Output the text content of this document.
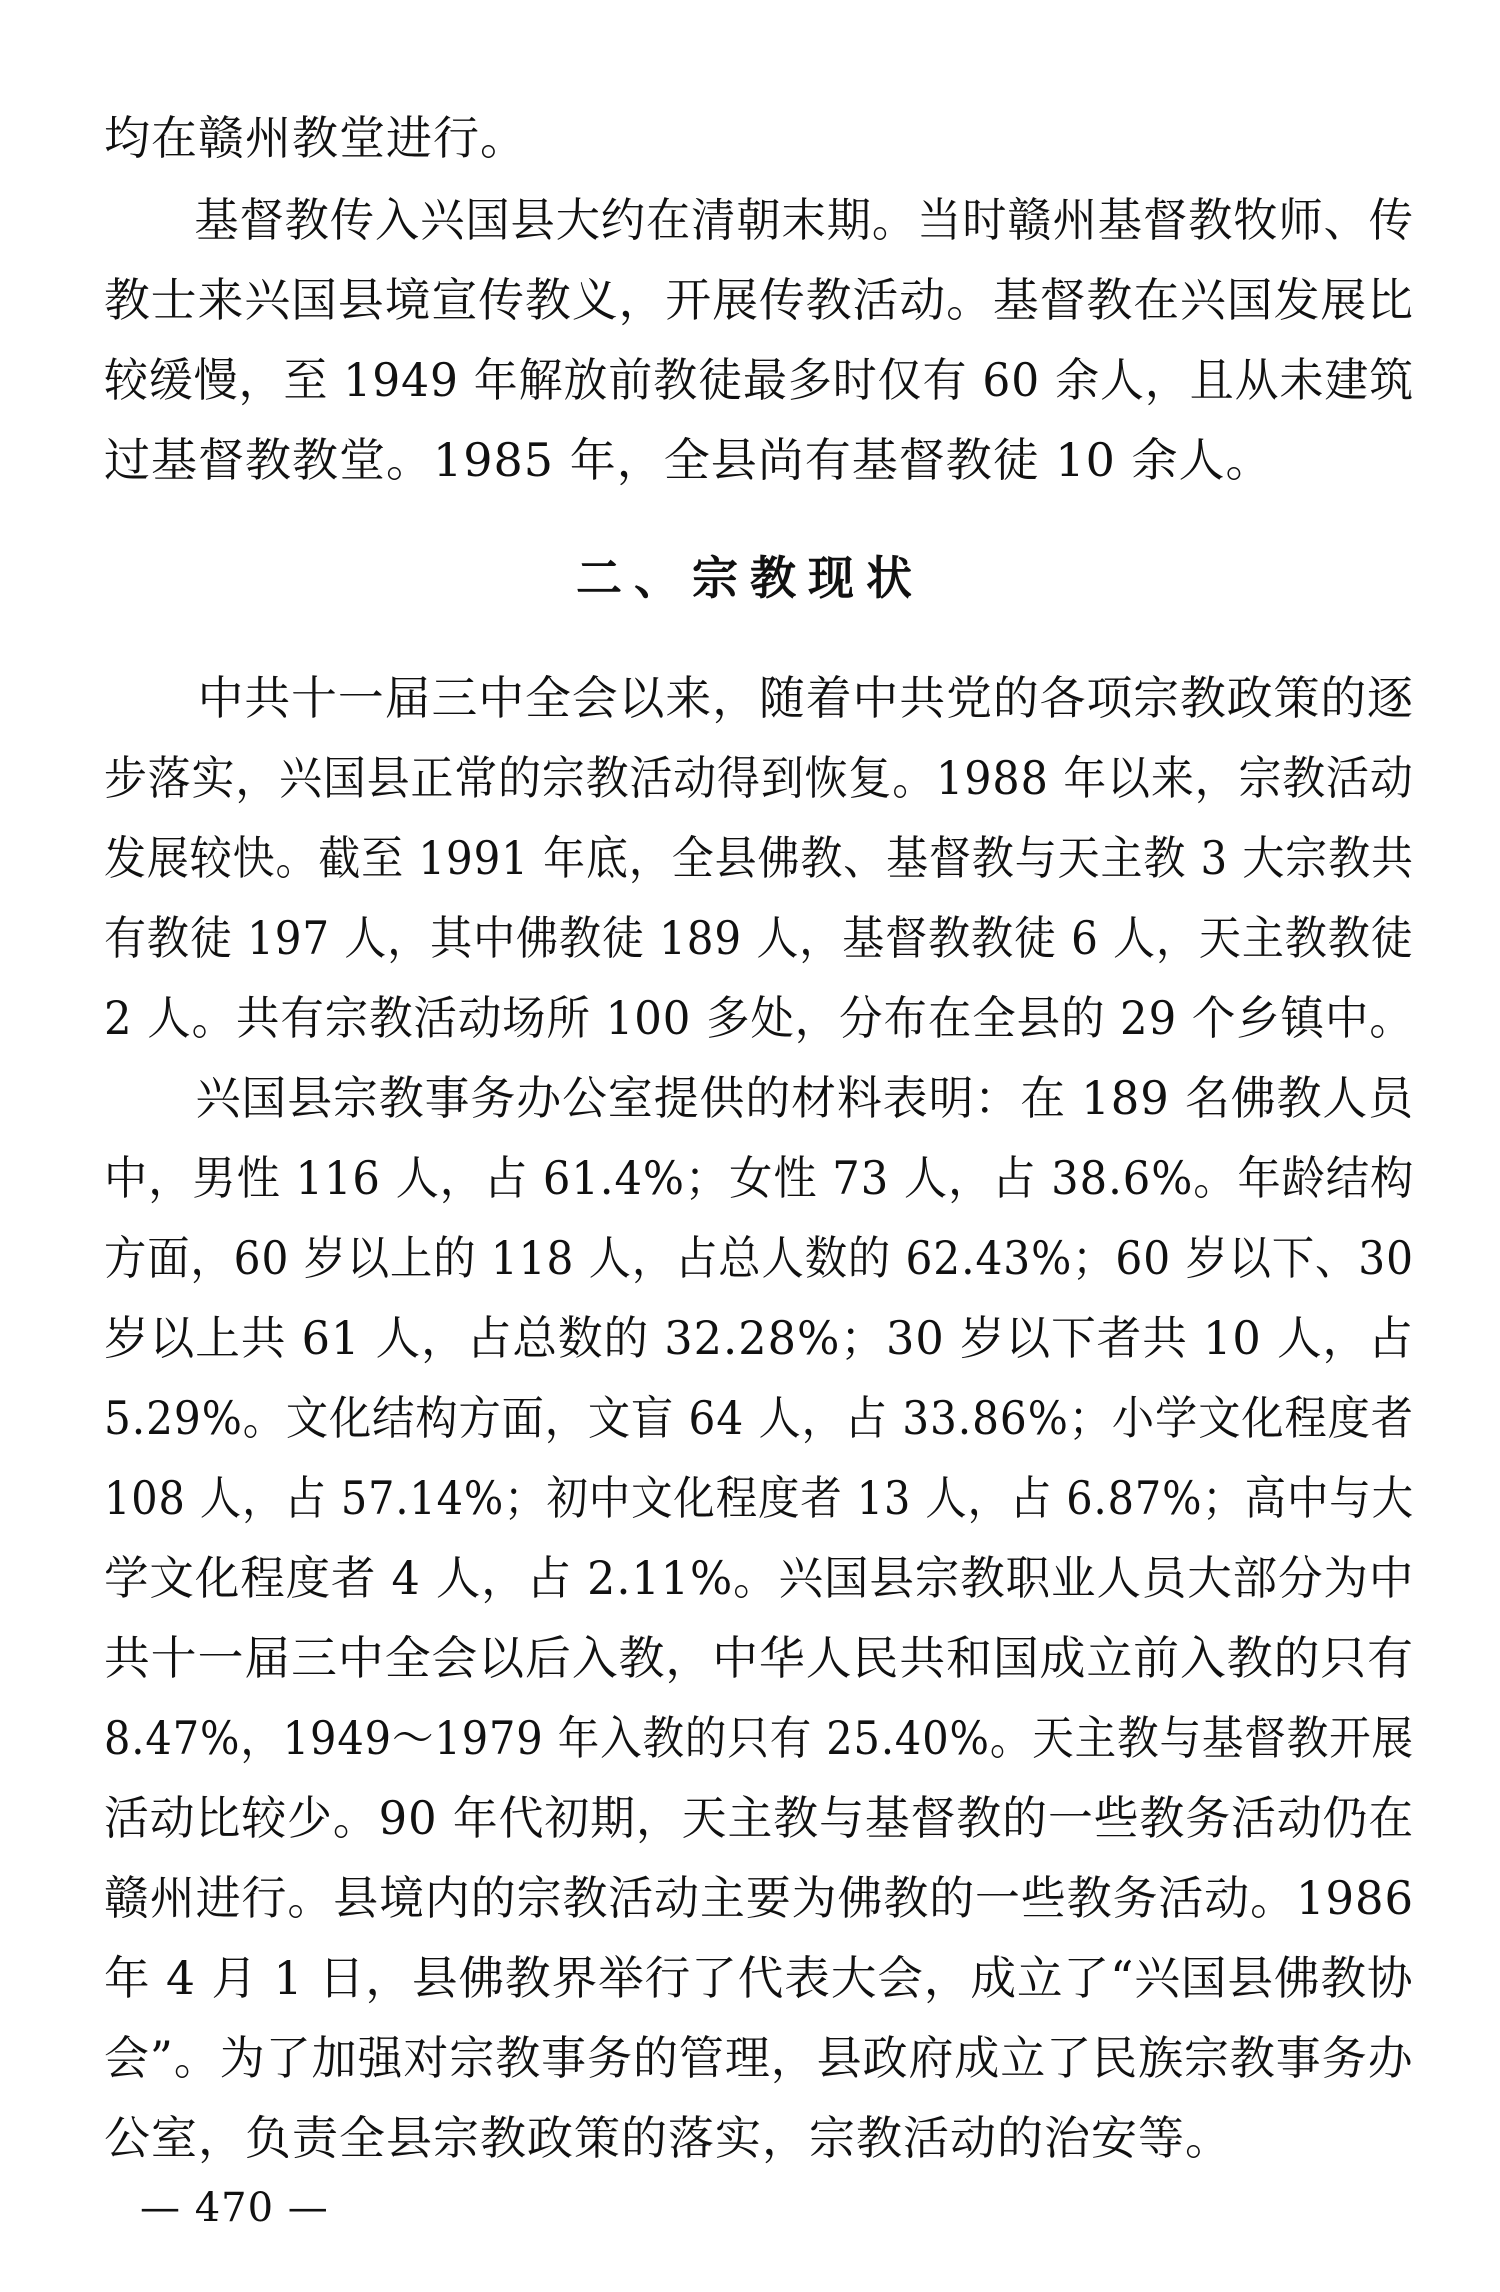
均在赣州教堂进行。
　　基督教传入兴国县大约在清朝末期。当时赣州基督教牧师、传
教士来兴国县境宣传教义，开展传教活动。基督教在兴国发展比
较缓慢，至 1949 年解放前教徒最多时仅有 60 余人，且从未建筑
过基督教教堂。1985 年，全县尚有基督教徒 10 余人。
二、宗教现状
　　中共十一届三中全会以来，随着中共党的各项宗教政策的逐
步落实，兴国县正常的宗教活动得到恢复。1988 年以来，宗教活动
发展较快。截至 1991 年底，全县佛教、基督教与天主教 3 大宗教共
有教徒 197 人，其中佛教徒 189 人，基督教教徒 6 人，天主教教徒
2 人。共有宗教活动场所 100 多处，分布在全县的 29 个乡镇中。
　　兴国县宗教事务办公室提供的材料表明：在 189 名佛教人员
中，男性 116 人，占 61.4%；女性 73 人，占 38.6%。年龄结构
方面，60 岁以上的 118 人，占总人数的 62.43%；60 岁以下、30
岁以上共 61 人，占总数的 32.28%；30 岁以下者共 10 人，占
5.29%。文化结构方面，文盲 64 人，占 33.86%；小学文化程度者
108 人，占 57.14%；初中文化程度者 13 人，占 6.87%；高中与大
学文化程度者 4 人，占 2.11%。兴国县宗教职业人员大部分为中
共十一届三中全会以后入教，中华人民共和国成立前入教的只有
8.47%，1949～1979 年入教的只有 25.40%。天主教与基督教开展
活动比较少。90 年代初期，天主教与基督教的一些教务活动仍在
赣州进行。县境内的宗教活动主要为佛教的一些教务活动。1986
年 4 月 1 日，县佛教界举行了代表大会，成立了“兴国县佛教协
会”。为了加强对宗教事务的管理，县政府成立了民族宗教事务办
公室，负责全县宗教政策的落实，宗教活动的治安等。
— 470 —
